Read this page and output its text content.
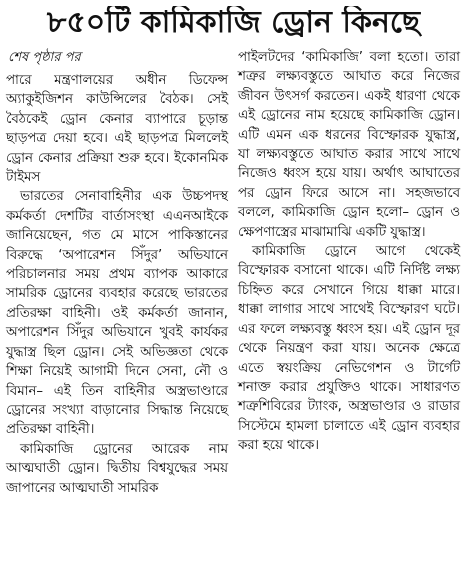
৮৫০টি কামিকাজি ড্রোন কিনছে
শেষ পৃষ্ঠার পর

পারে মন্ত্রণালয়ের অধীন ডিফেন্স অ্যাকুইজিশন কাউন্সিলের বৈঠক। সেই বৈঠকেই ড্রোন কেনার ব্যাপারে চূড়ান্ত ছাড়পত্র দেয়া হবে। এই ছাড়পত্র মিললেই ড্রোন কেনার প্রক্রিয়া শুরু হবে। ইকোনমিক টাইমস

ভারতের সেনাবাহিনীর এক উচ্চপদস্থ কর্মকর্তা দেশটির বার্তাসংস্থা এএনআইকে জানিয়েছেন, গত মে মাসে পাকিস্তানের বিরুদ্ধে ‘অপারেশন সিঁদুর’ অভিযানে পরিচালনার সময় প্রথম ব্যাপক আকারে সামরিক ড্রোনের ব্যবহার করেছে ভারতের প্রতিরক্ষা বাহিনী। ওই কর্মকর্তা জানান, অপারেশন সিঁদুর অভিযানে খুবই কার্যকর যুদ্ধাস্ত্র ছিল ড্রোন। সেই অভিজ্ঞতা থেকে শিক্ষা নিয়েই আগামী দিনে সেনা, নৌ ও বিমান– এই তিন বাহিনীর অস্ত্রভাণ্ডারে ড্রোনের সংখ্যা বাড়ানোর সিদ্ধান্ত নিয়েছে প্রতিরক্ষা বাহিনী।

কামিকাজি ড্রোনের আরেক নাম আত্মঘাতী ড্রোন। দ্বিতীয় বিশ্বযুদ্ধের সময় জাপানের আত্মঘাতী সামরিক

পাইলটদের ‘কামিকাজি’ বলা হতো। তারা শত্রুর লক্ষ্যবস্তুতে আঘাত করে নিজের জীবন উৎসর্গ করতেন। একই ধারণা থেকে এই ড্রোনের নাম হয়েছে কামিকাজি ড্রোন। এটি এমন এক ধরনের বিস্ফোরক যুদ্ধাস্ত্র, যা লক্ষ্যবস্তুতে আঘাত করার সাথে সাথে নিজেও ধ্বংস হয়ে যায়। অর্থাৎ আঘাতের পর ড্রোন ফিরে আসে না। সহজভাবে বললে, কামিকাজি ড্রোন হলো– ড্রোন ও ক্ষেপণাস্ত্রের মাঝামাঝি একটি যুদ্ধাস্ত্র।

কামিকাজি ড্রোনে আগে থেকেই বিস্ফোরক বসানো থাকে। এটি নির্দিষ্ট লক্ষ্য চিহ্নিত করে সেখানে গিয়ে ধাক্কা মারে। ধাক্কা লাগার সাথে সাথেই বিস্ফোরণ ঘটে। এর ফলে লক্ষ্যবস্তু ধ্বংস হয়। এই ড্রোন দূর থেকে নিয়ন্ত্রণ করা যায়। অনেক ক্ষেত্রে এতে স্বয়ংক্রিয় নেভিগেশন ও টার্গেট শনাক্ত করার প্রযুক্তিও থাকে। সাধারণত শত্রুশিবিরের ট্যাংক, অস্ত্রভাণ্ডার ও রাডার সিস্টেমে হামলা চালাতে এই ড্রোন ব্যবহার করা হয়ে থাকে।
